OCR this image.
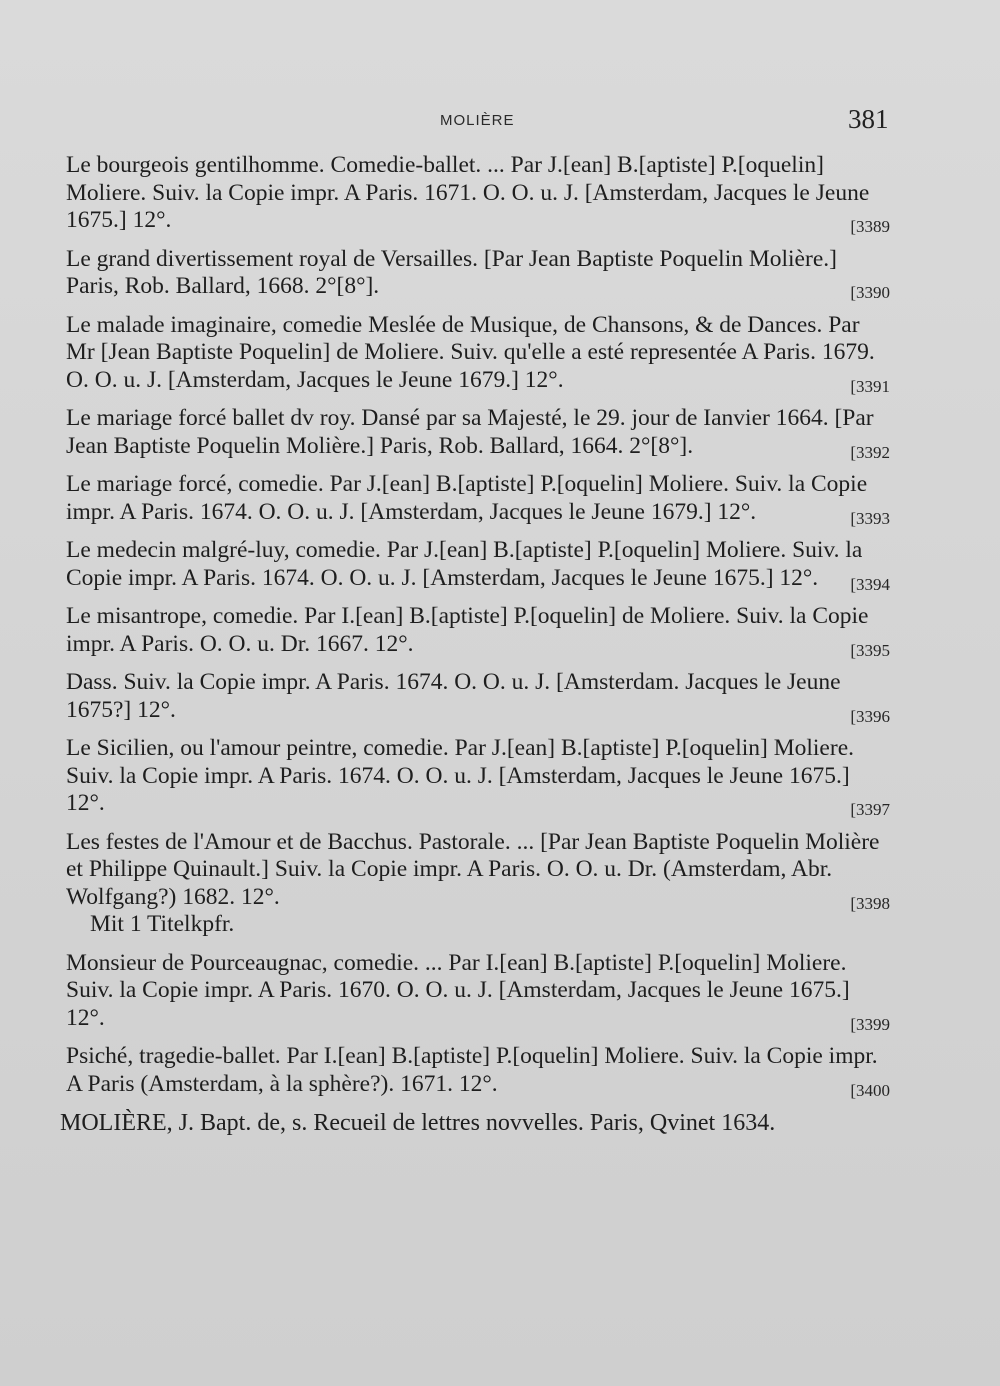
MOLIÈRE	381
Le bourgeois gentilhomme. Comedie-ballet. ... Par J.[ean] B.[aptiste] P.[oquelin] Moliere. Suiv. la Copie impr. A Paris. 1671. O. O. u. J. [Amsterdam, Jacques le Jeune 1675.] 12°.	[3389
Le grand divertissement royal de Versailles. [Par Jean Baptiste Poquelin Molière.] Paris, Rob. Ballard, 1668. 2°[8°].	[3390
Le malade imaginaire, comedie Meslée de Musique, de Chansons, & de Dances. Par Mr [Jean Baptiste Poquelin] de Moliere. Suiv. qu'elle a esté representée A Paris. 1679. O. O. u. J. [Amsterdam, Jacques le Jeune 1679.] 12°.	[3391
Le mariage forcé ballet dv roy. Dansé par sa Majesté, le 29. jour de Ianvier 1664. [Par Jean Baptiste Poquelin Molière.] Paris, Rob. Ballard, 1664. 2°[8°].	[3392
Le mariage forcé, comedie. Par J.[ean] B.[aptiste] P.[oquelin] Moliere. Suiv. la Copie impr. A Paris. 1674. O. O. u. J. [Amsterdam, Jacques le Jeune 1679.] 12°.	[3393
Le medecin malgré-luy, comedie. Par J.[ean] B.[aptiste] P.[oquelin] Moliere. Suiv. la Copie impr. A Paris. 1674. O. O. u. J. [Amsterdam, Jacques le Jeune 1675.] 12°. [3394
Le misantrope, comedie. Par I.[ean] B.[aptiste] P.[oquelin] de Moliere. Suiv. la Copie impr. A Paris. O. O. u. Dr. 1667. 12°.	[3395
Dass. Suiv. la Copie impr. A Paris. 1674. O. O. u. J. [Amsterdam. Jacques le Jeune 1675?] 12°.	[3396
Le Sicilien, ou l'amour peintre, comedie. Par J.[ean] B.[aptiste] P.[oquelin] Moliere. Suiv. la Copie impr. A Paris. 1674. O. O. u. J. [Amsterdam, Jacques le Jeune 1675.] 12°.	[3397
Les festes de l'Amour et de Bacchus. Pastorale. ... [Par Jean Baptiste Poquelin Molière et Philippe Quinault.] Suiv. la Copie impr. A Paris. O. O. u. Dr. (Amsterdam, Abr. Wolfgang?) 1682. 12°.	[3398
Mit 1 Titelkpfr.
Monsieur de Pourceaugnac, comedie. ... Par I.[ean] B.[aptiste] P.[oquelin] Moliere. Suiv. la Copie impr. A Paris. 1670. O. O. u. J. [Amsterdam, Jacques le Jeune 1675.] 12°.	[3399
Psiché, tragedie-ballet. Par I.[ean] B.[aptiste] P.[oquelin] Moliere. Suiv. la Copie impr. A Paris (Amsterdam, à la sphère?). 1671. 12°.	[3400
MOLIÈRE, J. Bapt. de, s. Recueil de lettres novvelles. Paris, Qvinet 1634.
